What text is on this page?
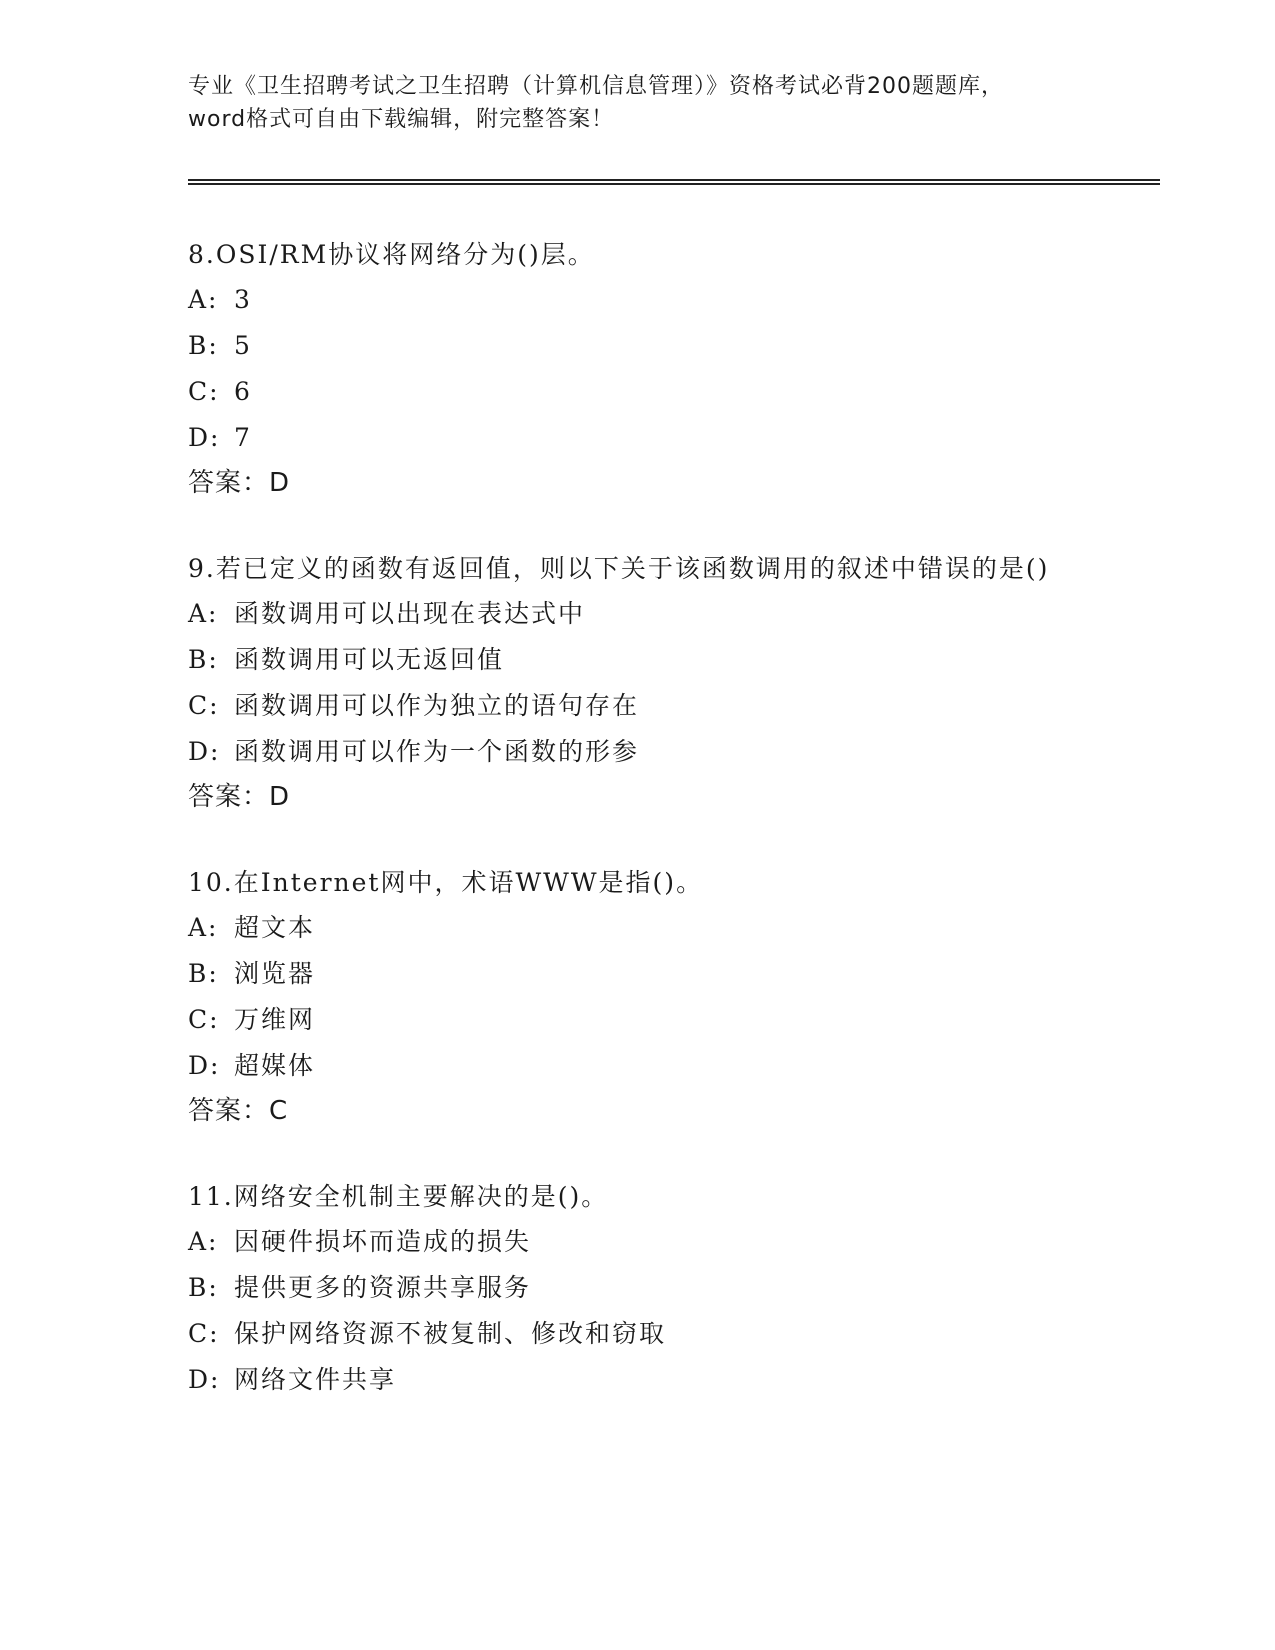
专业《卫生招聘考试之卫生招聘（计算机信息管理）》资格考试必背200题题库，
word格式可自由下载编辑，附完整答案！
8.OSI/RM协议将网络分为()层。
A: 3
B: 5
C: 6
D: 7
答案：D
9.若已定义的函数有返回值，则以下关于该函数调用的叙述中错误的是()
A: 函数调用可以出现在表达式中
B: 函数调用可以无返回值
C: 函数调用可以作为独立的语句存在
D: 函数调用可以作为一个函数的形参
答案：D
10.在Internet网中，术语WWW是指()。
A: 超文本
B: 浏览器
C: 万维网
D: 超媒体
答案：C
11.网络安全机制主要解决的是()。
A: 因硬件损坏而造成的损失
B: 提供更多的资源共享服务
C: 保护网络资源不被复制、修改和窃取
D: 网络文件共享
